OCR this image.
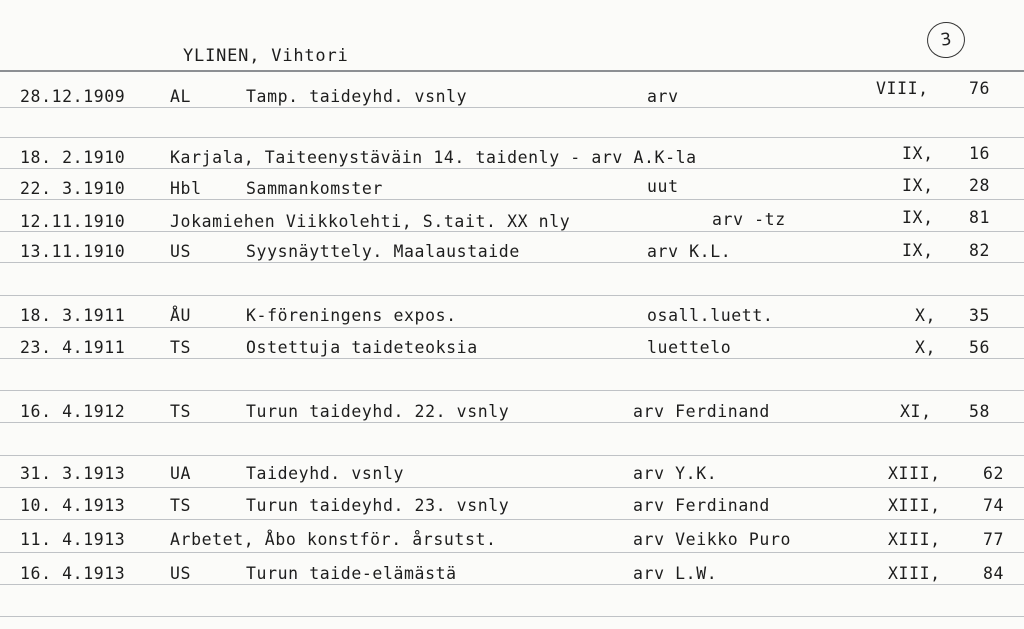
YLINEN, Vihtori
3
28.12.1909	AL	Tamp. taideyhd. vsnly	arv	VIII, 76
18. 2.1910	Karjala, Taiteenystäväin 14. taidenly - arv A.K-la	IX, 16
22. 3.1910	Hbl	Sammankomster	uut	IX, 28
12.11.1910	Jokamiehen Viikkolehti, S.tait. XX nly	arv -tz	IX, 81
13.11.1910	US	Syysnäyttely. Maalaustaide	arv K.L.	IX, 82
18. 3.1911	ÅU	K-föreningens expos.	osall.luett.	X, 35
23. 4.1911	TS	Ostettuja taideteoksia	luettelo	X, 56
16. 4.1912	TS	Turun taideyhd. 22. vsnly	arv Ferdinand	XI, 58
31. 3.1913	UA	Taideyhd. vsnly	arv Y.K.	XIII,	62
10. 4.1913	TS	Turun taideyhd. 23. vsnly	arv Ferdinand	XIII,	74
11. 4.1913	Arbetet, Åbo konstför. årsutst.	arv Veikko Puro	XIII,	77
16. 4.1913	US	Turun taide-elämästä	arv L.W.	XIII,	84
